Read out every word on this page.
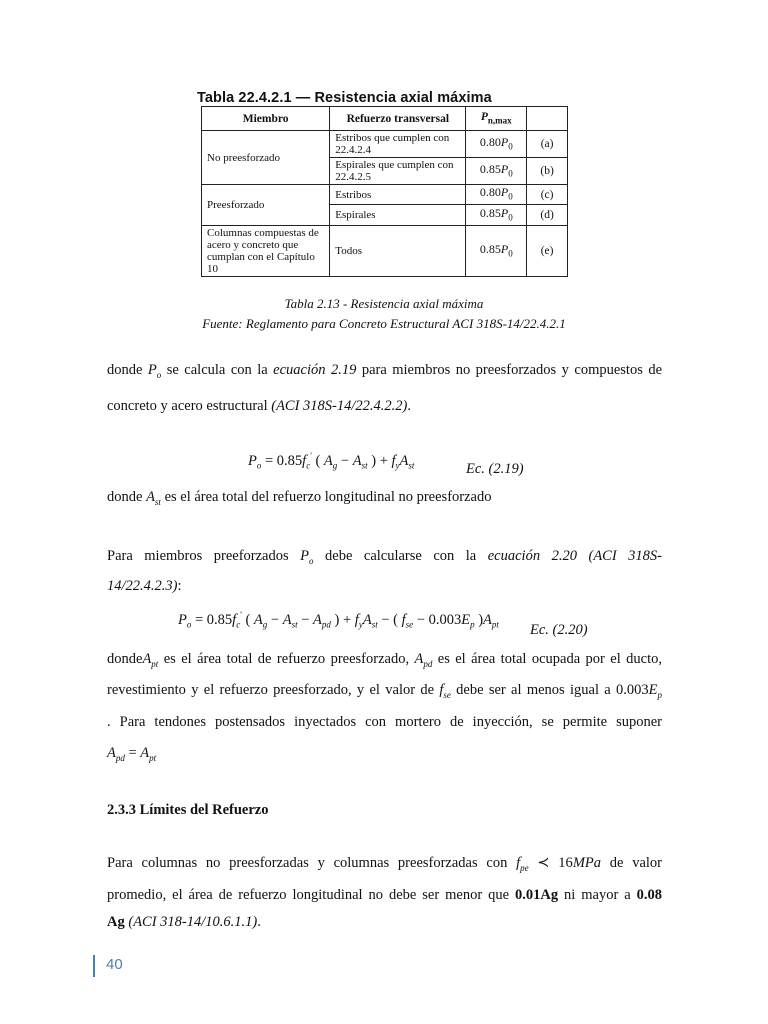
Tabla 22.4.2.1 — Resistencia axial máxima
Miembro	Refuerzo transversal	$P_{n,max}$	
No preesforzado	Estribos que cumplen con 22.4.2.4	$0.80P_0$	(a)
	Espirales que cumplen con 22.4.2.5	$0.85P_0$	(b)
Preesforzado	Estribos	$0.80P_0$	(c)
	Espirales	$0.85P_0$	(d)
Columnas compuestas de acero y concreto que cumplan con el Capítulo 10	Todos	$0.85P_0$	(e)
Tabla 2.13 - Resistencia axial máxima
Fuente: Reglamento para Concreto Estructural ACI 318S-14/22.4.2.1
donde $P_o$ se calcula con la ecuación 2.19 para miembros no preesforzados y compuestos de concreto y acero estructural (ACI 318S-14/22.4.2.2).
$P_o = 0.85f_c'$ ( $A_g - A_{st}$ ) + $f_yA_{st}$	Ec. (2.19)
donde $A_{st}$ es el área total del refuerzo longitudinal no preesforzado
Para miembros preeforzados $P_o$ debe calcularse con la ecuación 2.20 (ACI 318S-
14/22.4.2.3):
$P_o = 0.85f_c'$ ( $A_g - A_{st} - A_{pd}$ ) + $f_yA_{st}$ − ( $f_{se} - 0.003E_p$ )$A_{pt}$ Ec. (2.20)
dondeA$_{pt}$ es el área total de refuerzo preesforzado, $A_{pd}$ es el área total ocupada por el ducto,
revestimiento y el refuerzo preesforzado, y el valor de $f_{se}$ debe ser al menos igual a $0.003E_p$
. Para tendones postensados inyectados con mortero de inyección, se permite suponer
$A_{pd} = A_{pt}$
2.3.3 Límites del Refuerzo
Para columnas no preesforzadas y columnas preesforzadas con $f_{pe}$ ≺ 16MPa de valor
promedio, el área de refuerzo longitudinal no debe ser menor que 0.01Ag ni mayor a 0.08
Ag (ACI 318-14/10.6.1.1).
40
